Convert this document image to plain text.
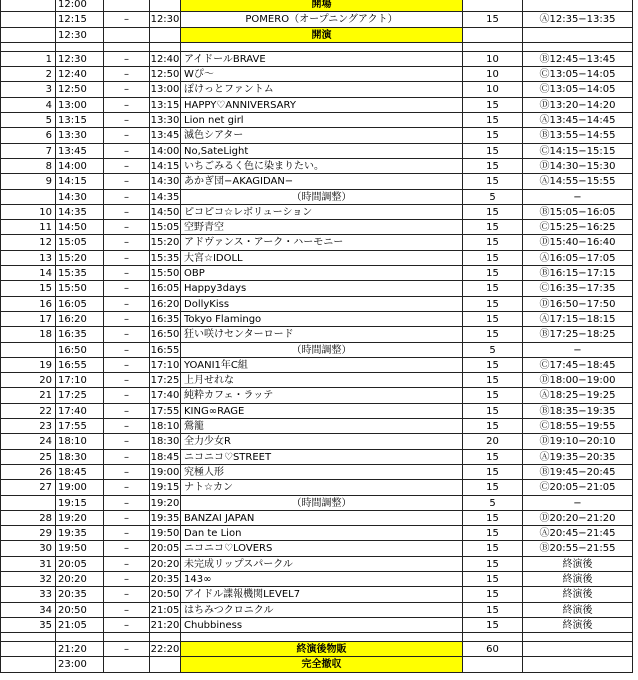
12:00	開場
12:15	–	12:30	POMERO（オープニングアクト）	15	Ⓐ12:35−13:35
12:30	開演
1 12:30	–	12:40 アイドールBRAVE	10	Ⓑ12:45−13:45
2 12:40	–	12:50 Wぴ〜	10	Ⓒ13:05−14:05
3 12:50	–	13:00 ぽけっとファントム	10	Ⓒ13:05−14:05
4 13:00	–	13:15 HAPPY♡ANNIVERSARY	15	Ⓓ13:20−14:20
5 13:15	–	13:30 Lion net girl	15	Ⓐ13:45−14:45
6 13:30	–	13:45 滅色シアター	15	Ⓑ13:55−14:55
7 13:45	–	14:00 No,SateLight	15	Ⓒ14:15−15:15
8 14:00	–	14:15 いちごみるく色に染まりたい。	15	Ⓓ14:30−15:30
9 14:15	–	14:30 あかぎ団−AKAGIDAN−	15	Ⓐ14:55−15:55
14:30	–	14:35	（時間調整）	5	−
10 14:35	–	14:50 ピコピコ☆レボリューション	15	Ⓑ15:05−16:05
11 14:50	–	15:05 空野青空	15	Ⓒ15:25−16:25
12 15:05	–	15:20 アドヴァンス・アーク・ハーモニー	15	Ⓓ15:40−16:40
13 15:20	–	15:35 大宮☆IDOLL	15	Ⓐ16:05−17:05
14 15:35	–	15:50 OBP	15	Ⓑ16:15−17:15
15 15:50	–	16:05 Happy3days	15	Ⓒ16:35−17:35
16 16:05	–	16:20 DollyKiss	15	Ⓓ16:50−17:50
17 16:20	–	16:35 Tokyo Flamingo	15	Ⓐ17:15−18:15
18 16:35	–	16:50 狂い咲けセンターロード	15	Ⓑ17:25−18:25
16:50	–	16:55	（時間調整）	5	−
19 16:55	–	17:10 YOANI1年C組	15	Ⓒ17:45−18:45
20 17:10	–	17:25 上月せれな	15	Ⓓ18:00−19:00
21 17:25	–	17:40 純粋カフェ・ラッテ	15	Ⓐ18:25−19:25
22 17:40	–	17:55 KING∞RAGE	15	Ⓑ18:35−19:35
23 17:55	–	18:10 鶯籠	15	Ⓒ18:55−19:55
24 18:10	–	18:30 全力少女R	20	Ⓓ19:10−20:10
25 18:30	–	18:45 ニコニコ♡STREET	15	Ⓐ19:35−20:35
26 18:45	–	19:00 究極人形	15	Ⓑ19:45−20:45
27 19:00	–	19:15 ナト☆カン	15	Ⓒ20:05−21:05
19:15	–	19:20	（時間調整）	5	−
28 19:20	–	19:35 BANZAI JAPAN	15	Ⓓ20:20−21:20
29 19:35	–	19:50 Dan te Lion	15	Ⓐ20:45−21:45
30 19:50	–	20:05 ニコニコ♡LOVERS	15	Ⓑ20:55−21:55
31 20:05	–	20:20 未完成リップスパークル	15	終演後
32 20:20	–	20:35 143∞	15	終演後
33 20:35	–	20:50 アイドル諜報機関LEVEL7	15	終演後
34 20:50	–	21:05 はちみつクロニクル	15	終演後
35 21:05	–	21:20 Chubbiness	15	終演後
21:20	–	22:20	終演後物販	60
23:00	完全撤収
